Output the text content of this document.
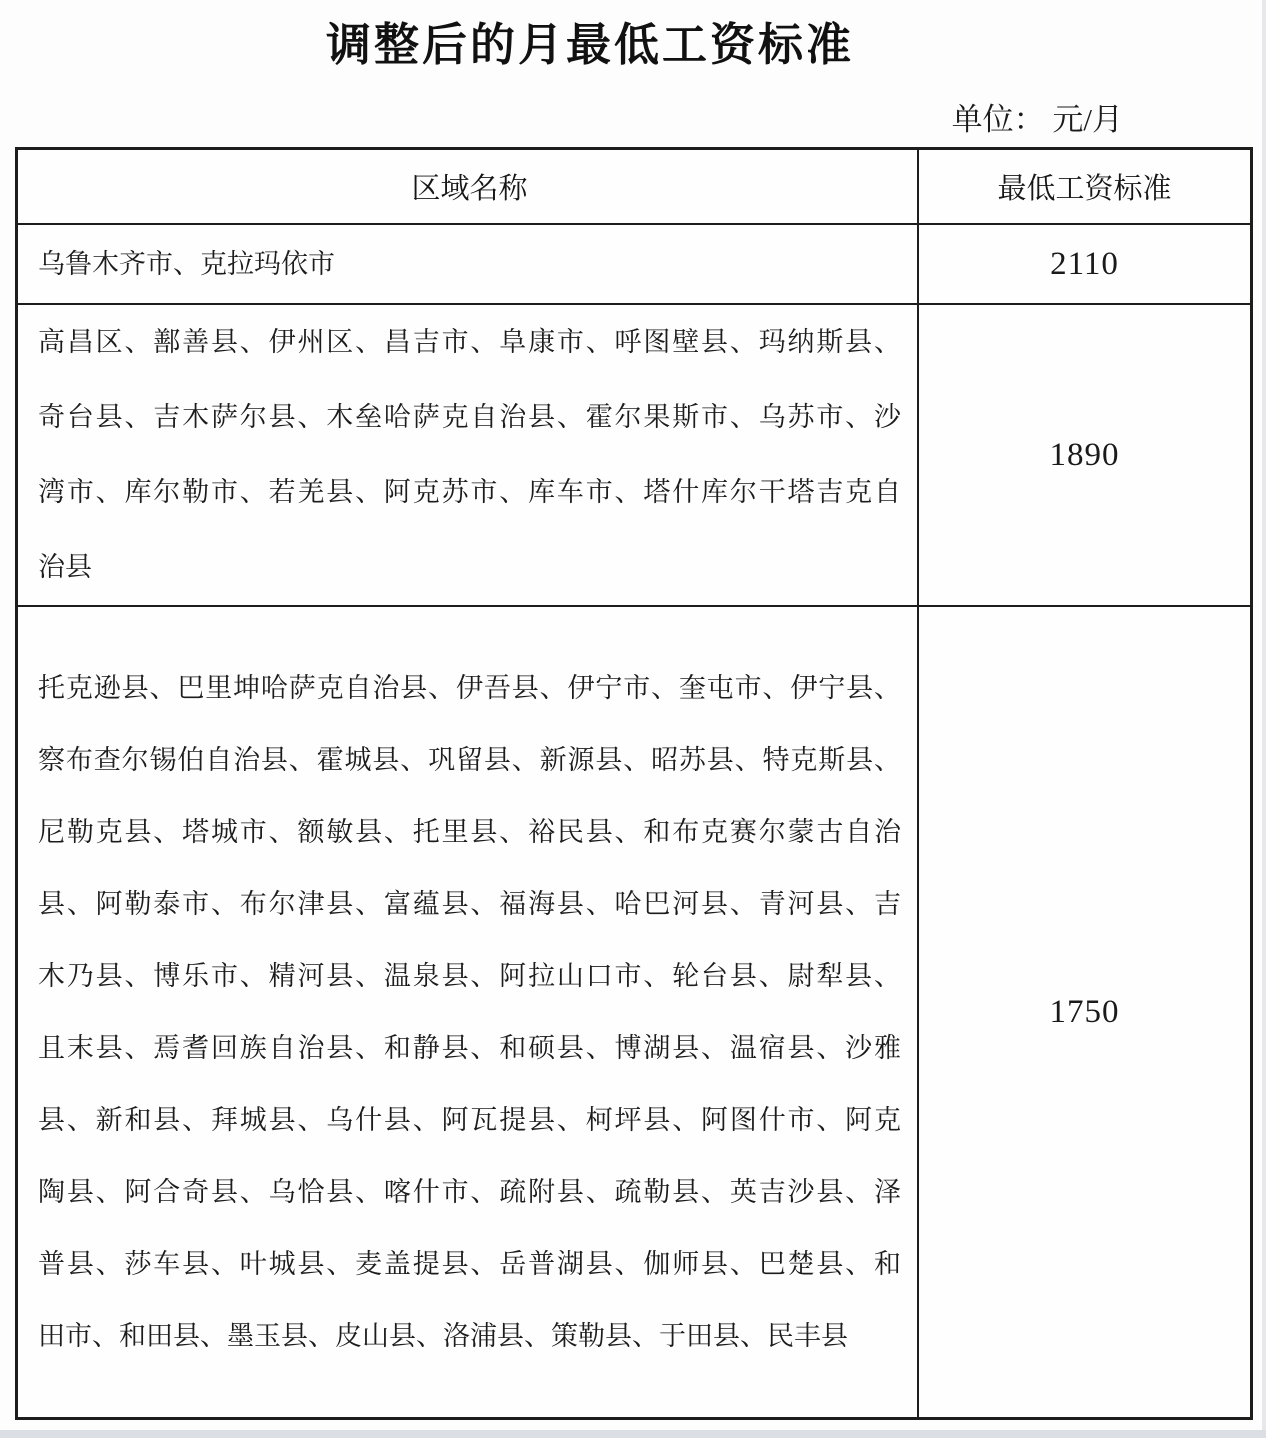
调整后的月最低工资标准
单位： 元/月
区域名称	最低工资标准
乌鲁木齐市、克拉玛依市	2110
高昌区、鄯善县、伊州区、昌吉市、阜康市、呼图壁县、玛纳斯县、
奇台县、吉木萨尔县、木垒哈萨克自治县、霍尔果斯市、乌苏市、沙
湾市、库尔勒市、若羌县、阿克苏市、库车市、塔什库尔干塔吉克自
治县
1890
托克逊县、巴里坤哈萨克自治县、伊吾县、伊宁市、奎屯市、伊宁县、
察布查尔锡伯自治县、霍城县、巩留县、新源县、昭苏县、特克斯县、
尼勒克县、塔城市、额敏县、托里县、裕民县、和布克赛尔蒙古自治
县、阿勒泰市、布尔津县、富蕴县、福海县、哈巴河县、青河县、吉
木乃县、博乐市、精河县、温泉县、阿拉山口市、轮台县、尉犁县、
且末县、焉耆回族自治县、和静县、和硕县、博湖县、温宿县、沙雅
县、新和县、拜城县、乌什县、阿瓦提县、柯坪县、阿图什市、阿克
陶县、阿合奇县、乌恰县、喀什市、疏附县、疏勒县、英吉沙县、泽
普县、莎车县、叶城县、麦盖提县、岳普湖县、伽师县、巴楚县、和
田市、和田县、墨玉县、皮山县、洛浦县、策勒县、于田县、民丰县
1750
